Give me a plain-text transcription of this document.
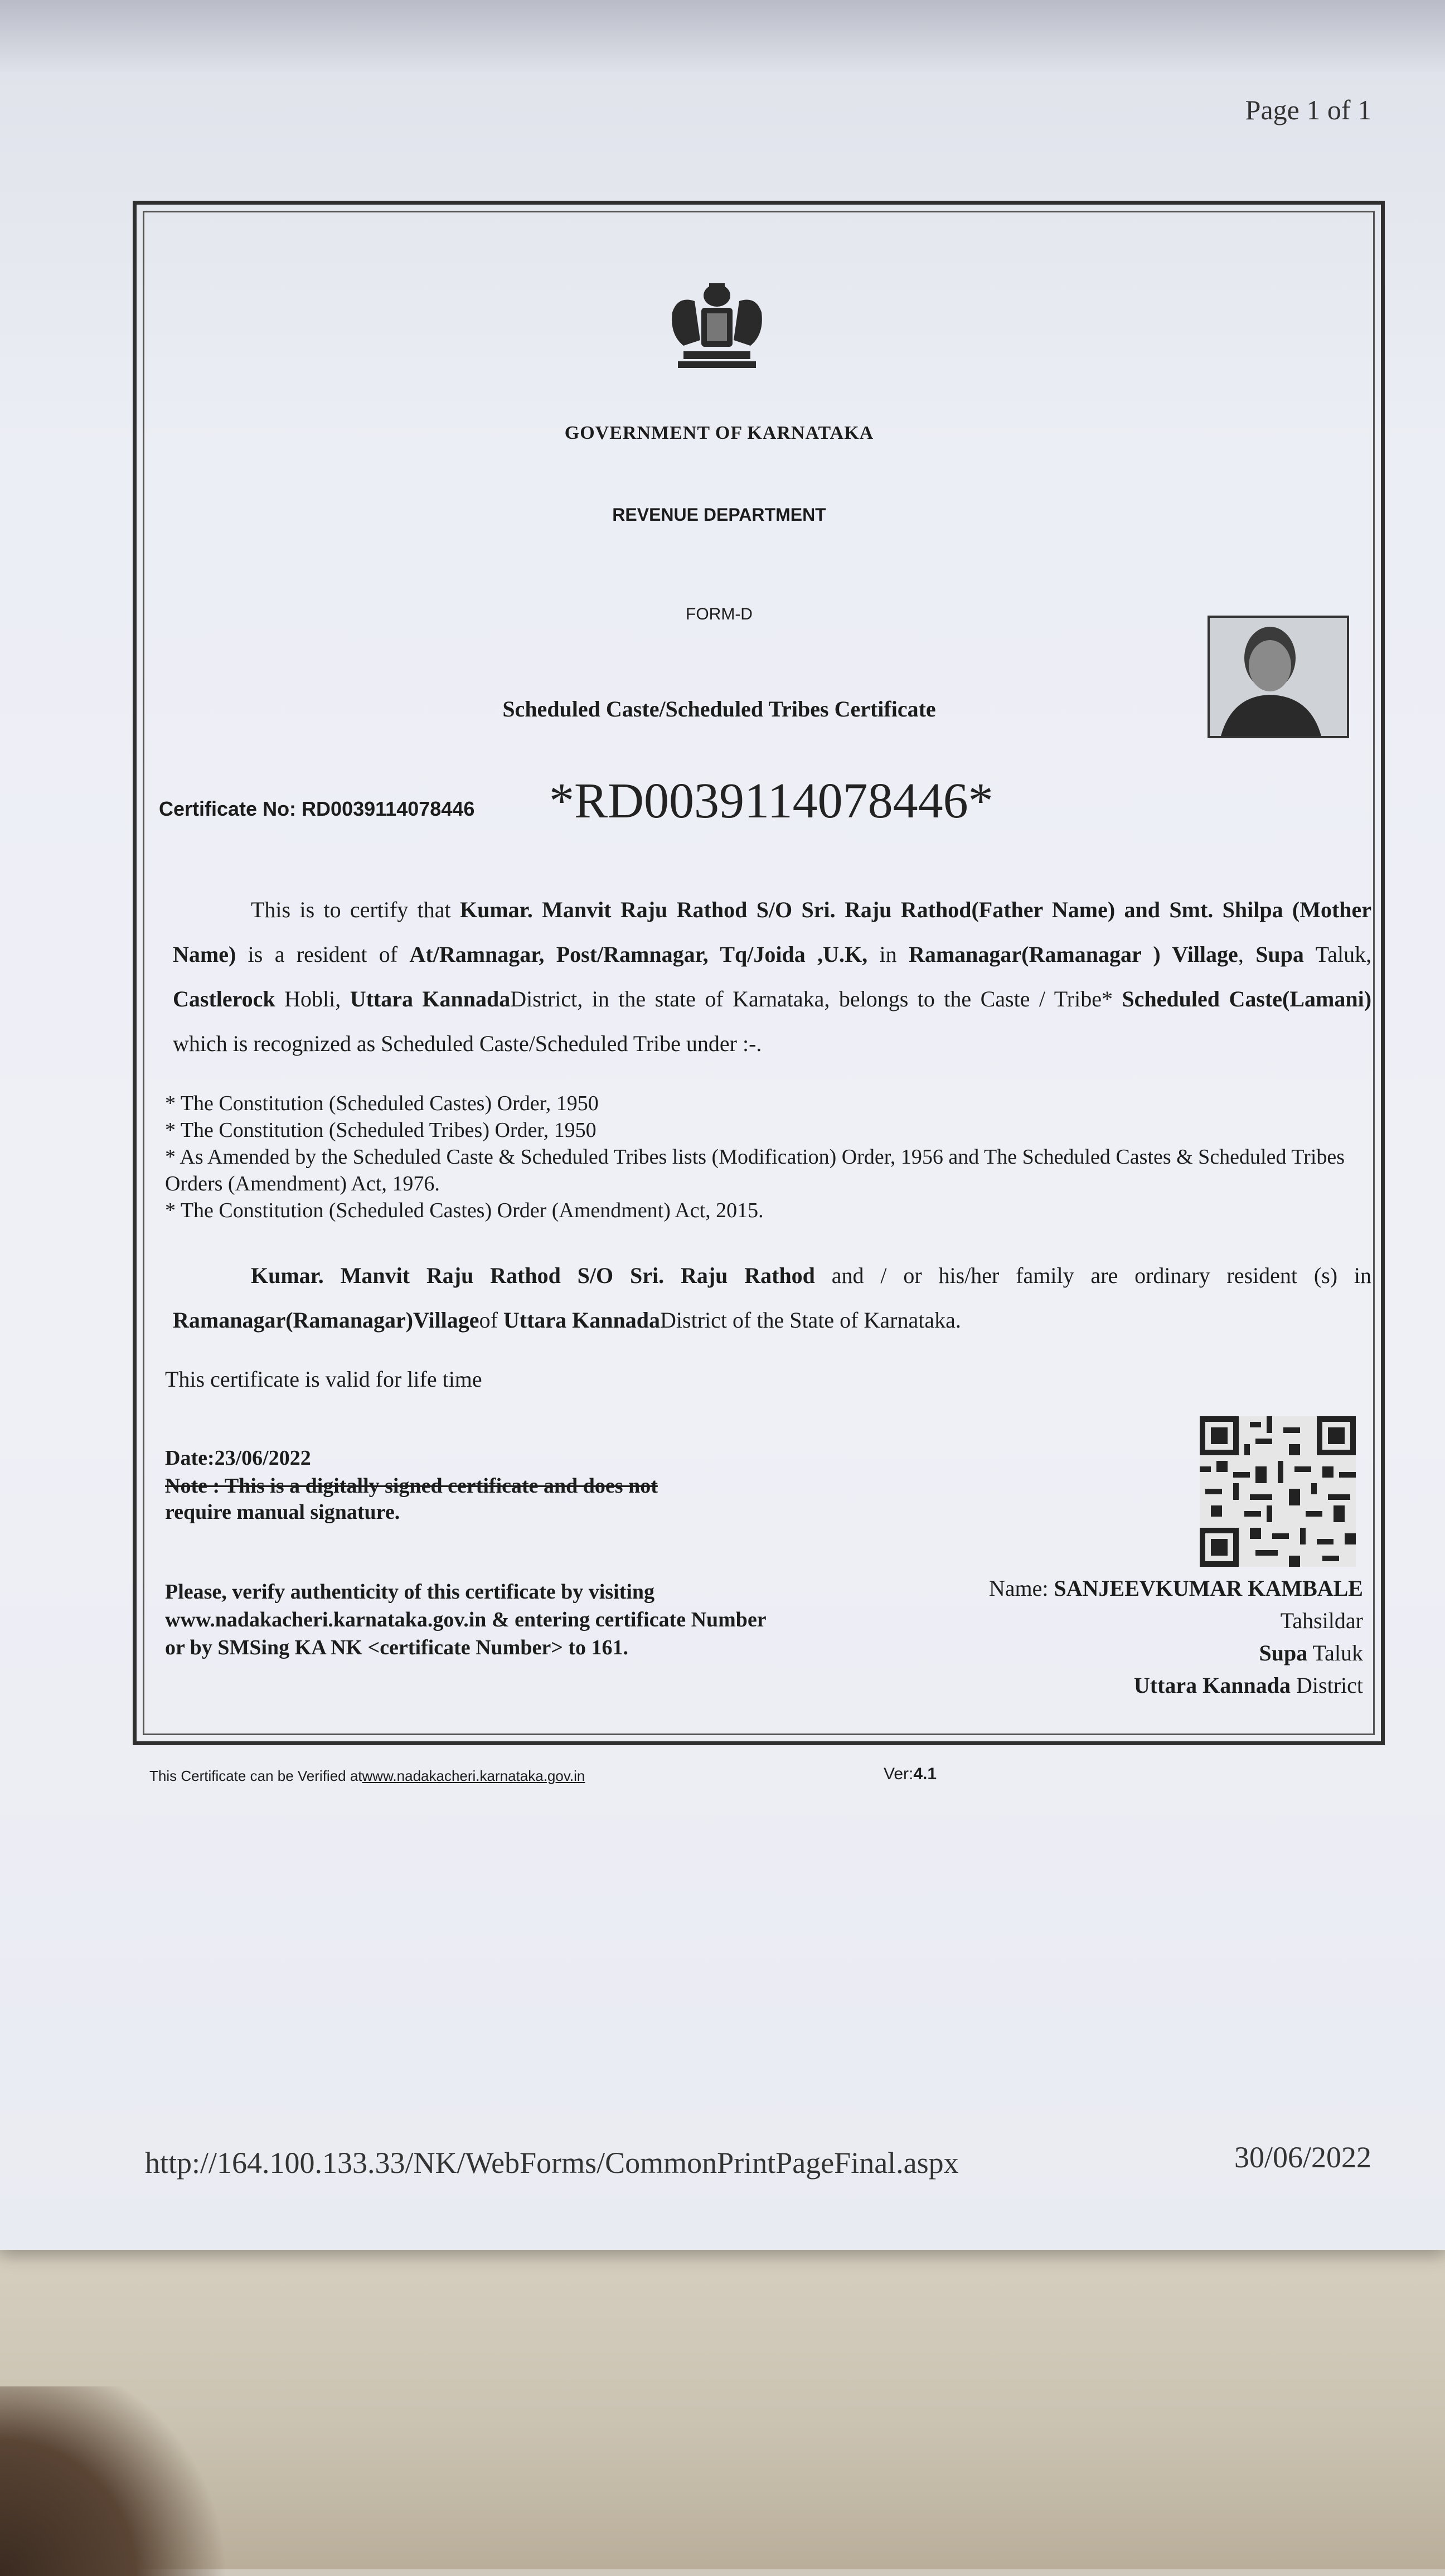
Page 1 of 1
GOVERNMENT OF KARNATAKA
REVENUE DEPARTMENT
FORM-D
Scheduled Caste/Scheduled Tribes Certificate
Certificate No: RD0039114078446 *RD0039114078446*
This is to certify that Kumar. Manvit Raju Rathod S/O Sri. Raju Rathod(Father Name) and Smt. Shilpa (Mother Name) is a resident of At/Ramnagar, Post/Ramnagar, Tq/Joida ,U.K, in Ramanagar(Ramanagar ) Village, Supa Taluk, Castlerock Hobli, Uttara KannadaDistrict, in the state of Karnataka, belongs to the Caste / Tribe* Scheduled Caste(Lamani) which is recognized as Scheduled Caste/Scheduled Tribe under :-.
* The Constitution (Scheduled Castes) Order, 1950
* The Constitution (Scheduled Tribes) Order, 1950
* As Amended by the Scheduled Caste & Scheduled Tribes lists (Modification) Order, 1956 and The Scheduled Castes & Scheduled Tribes Orders (Amendment) Act, 1976.
* The Constitution (Scheduled Castes) Order (Amendment) Act, 2015.
Kumar. Manvit Raju Rathod S/O Sri. Raju Rathod and / or his/her family are ordinary resident (s) in Ramanagar(Ramanagar)Villageof Uttara KannadaDistrict of the State of Karnataka.
This certificate is valid for life time
Date:23/06/2022
Note : This is a digitally signed certificate and does not
require manual signature.
Please, verify authenticity of this certificate by visiting www.nadakacheri.karnataka.gov.in & entering certificate Number or by SMSing KA NK <certificate Number> to 161.
Name: SANJEEVKUMAR KAMBALE
Tahsildar
Supa Taluk
Uttara Kannada District
This Certificate can be Verified atwww.nadakacheri.karnataka.gov.in	Ver:4.1
http://164.100.133.33/NK/WebForms/CommonPrintPageFinal.aspx	30/06/2022
